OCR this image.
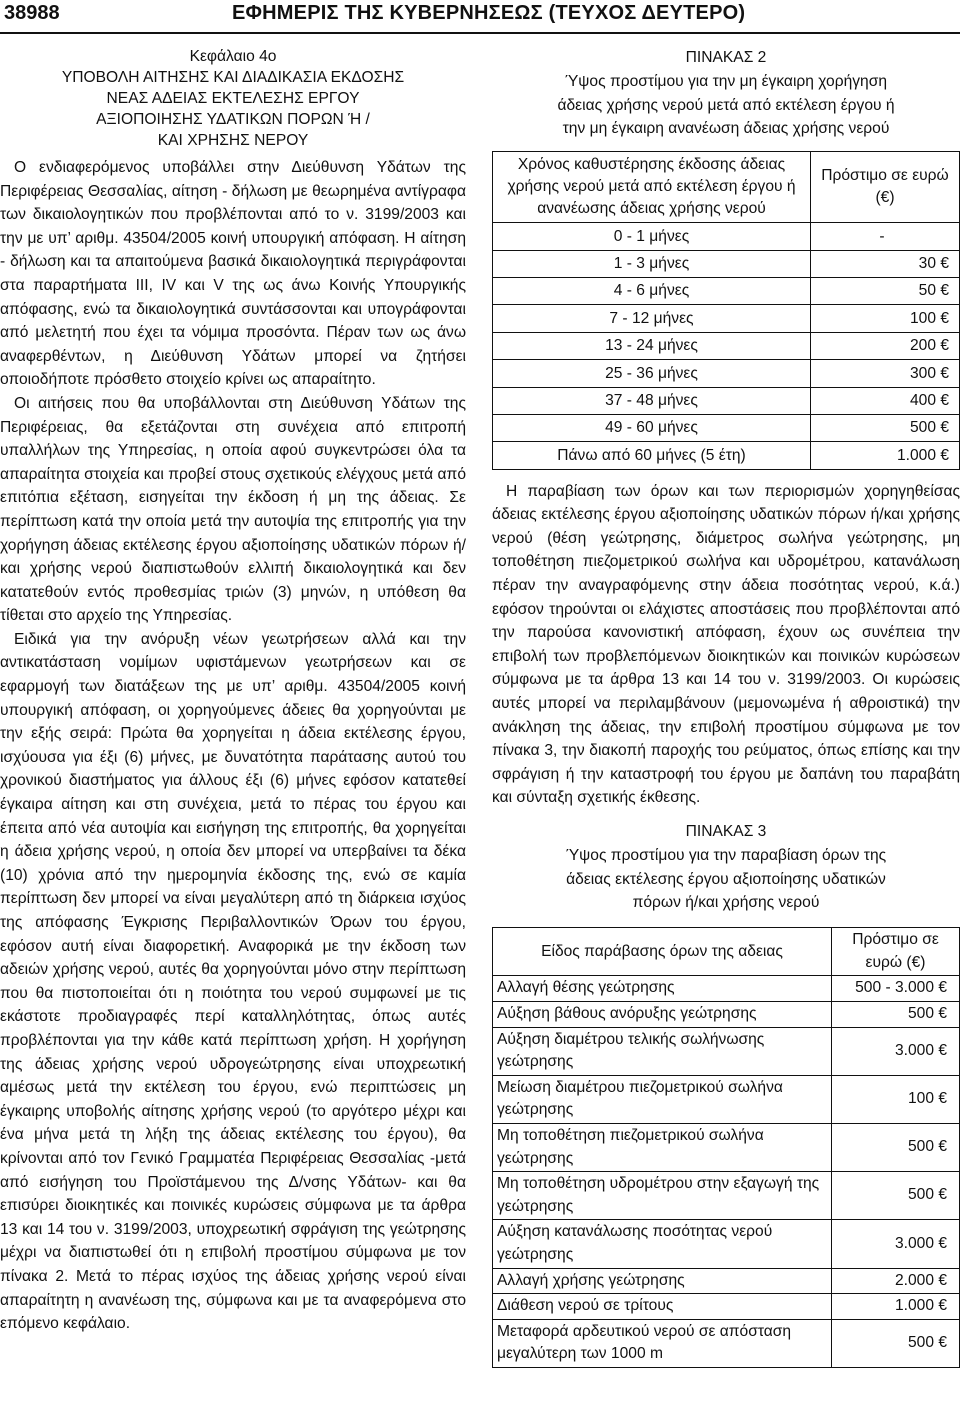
38988	ΕΦΗΜΕΡΙΣ ΤΗΣ ΚΥΒΕΡΝΗΣΕΩΣ (ΤΕΥΧΟΣ ΔΕΥΤΕΡΟ)
Κεφάλαιο 4ο
ΥΠΟΒΟΛΗ ΑΙΤΗΣΗΣ ΚΑΙ ΔΙΑΔΙΚΑΣΙΑ ΕΚΔΟΣΗΣ
ΝΕΑΣ ΑΔΕΙΑΣ ΕΚΤΕΛΕΣΗΣ ΕΡΓΟΥ
ΑΞΙΟΠΟΙΗΣΗΣ ΥΔΑΤΙΚΩΝ ΠΟΡΩΝ Ή /
ΚΑΙ ΧΡΗΣΗΣ ΝΕΡΟΥ

Ο ενδιαφερόμενος υποβάλλει στην Διεύθυνση Υδάτων της Περιφέρειας Θεσσαλίας, αίτηση - δήλωση με θεωρημένα αντίγραφα των δικαιολογητικών που προβλέπονται από το ν. 3199/2003 και την με υπ’ αριθμ. 43504/2005 κοινή υπουργική απόφαση. Η αίτηση - δήλωση και τα απαιτούμενα βασικά δικαιολογητικά περιγράφονται στα παραρτήματα III, IV και V της ως άνω Κοινής Υπουργικής απόφασης, ενώ τα δικαιολογητικά συντάσσονται και υπογράφονται από μελετητή που έχει τα νόμιμα προσόντα. Πέραν των ως άνω αναφερθέντων, η Διεύθυνση Υδάτων μπορεί να ζητήσει οποιοδήποτε πρόσθετο στοιχείο κρίνει ως απαραίτητο.

Οι αιτήσεις που θα υποβάλλονται στη Διεύθυνση Υδάτων της Περιφέρειας, θα εξετάζονται στη συνέχεια από επιτροπή υπαλλήλων της Υπηρεσίας, η οποία αφού συγκεντρώσει όλα τα απαραίτητα στοιχεία και προβεί στους σχετικούς ελέγχους μετά από επιτόπια εξέταση, εισηγείται την έκδοση ή μη της άδειας. Σε περίπτωση κατά την οποία μετά την αυτοψία της επιτροπής για την χορήγηση άδειας εκτέλεσης έργου αξιοποίησης υδατικών πόρων ή/και χρήσης νερού διαπιστωθούν ελλιπή δικαιολογητικά και δεν κατατεθούν εντός προθεσμίας τριών (3) μηνών, η υπόθεση θα τίθεται στο αρχείο της Υπηρεσίας.

Ειδικά για την ανόρυξη νέων γεωτρήσεων αλλά και την αντικατάσταση νομίμων υφιστάμενων γεωτρήσεων και σε εφαρμογή των διατάξεων της με υπ’ αριθμ. 43504/2005 κοινή υπουργική απόφαση, οι χορηγούμενες άδειες θα χορηγούνται με την εξής σειρά: Πρώτα θα χορηγείται η άδεια εκτέλεσης έργου, ισχύουσα για έξι (6) μήνες, με δυνατότητα παράτασης αυτού του χρονικού διαστήματος για άλλους έξι (6) μήνες εφόσον κατατεθεί έγκαιρα αίτηση και στη συνέχεια, μετά το πέρας του έργου και έπειτα από νέα αυτοψία και εισήγηση της επιτροπής, θα χορηγείται η άδεια χρήσης νερού, η οποία δεν μπορεί να υπερβαίνει τα δέκα (10) χρόνια από την ημερομηνία έκδοσης της, ενώ σε καμία περίπτωση δεν μπορεί να είναι μεγαλύτερη από τη διάρκεια ισχύος της απόφασης Έγκρισης Περιβαλλοντικών Όρων του έργου, εφόσον αυτή είναι διαφορετική. Αναφορικά με την έκδοση των αδειών χρήσης νερού, αυτές θα χορηγούνται μόνο στην περίπτωση που θα πιστοποιείται ότι η ποιότητα του νερού συμφωνεί με τις εκάστοτε προδιαγραφές περί καταλληλότητας, όπως αυτές προβλέπονται για την κάθε κατά περίπτωση χρήση. Η χορήγηση της άδειας χρήσης νερού υδρογεώτρησης είναι υποχρεωτική αμέσως μετά την εκτέλεση του έργου, ενώ περιπτώσεις μη έγκαιρης υποβολής αίτησης χρήσης νερού (το αργότερο μέχρι και ένα μήνα μετά τη λήξη της άδειας εκτέλεσης του έργου), θα κρίνονται από τον Γενικό Γραμματέα Περιφέρειας Θεσσαλίας -μετά από εισήγηση του Προϊστάμενου της Δ/νσης Υδάτων- και θα επισύρει διοικητικές και ποινικές κυρώσεις σύμφωνα με τα άρθρα 13 και 14 του ν. 3199/2003, υποχρεωτική σφράγιση της γεώτρησης μέχρι να διαπιστωθεί ότι η επιβολή προστίμου σύμφωνα με τον πίνακα 2. Μετά το πέρας ισχύος της άδειας χρήσης νερού είναι απαραίτητη η ανανέωση της, σύμφωνα και με τα αναφερόμενα στο επόμενο κεφάλαιο.

ΠΙΝΑΚΑΣ 2
Ύψος προστίμου για την μη έγκαιρη χορήγηση
άδειας χρήσης νερού μετά από εκτέλεση έργου ή
την μη έγκαιρη ανανέωση άδειας χρήσης νερού
Χρόνος καθυστέρησης έκδοσης άδειας χρήσης νερού μετά από εκτέλεση έργου ή ανανέωσης άδειας χρήσης νερού	Πρόστιμο σε ευρώ (€)
0 - 1 μήνες	-
1 - 3 μήνες	30 €
4 - 6 μήνες	50 €
7 - 12 μήνες	100 €
13 - 24 μήνες	200 €
25 - 36 μήνες	300 €
37 - 48 μήνες	400 €
49 - 60 μήνες	500 €
Πάνω από 60 μήνες (5 έτη)	1.000 €

Η παραβίαση των όρων και των περιορισμών χορηγηθείσας άδειας εκτέλεσης έργου αξιοποίησης υδατικών πόρων ή/και χρήσης νερού (θέση γεώτρησης, διάμετρος σωλήνα γεώτρησης, μη τοποθέτηση πιεζομετρικού σωλήνα και υδρομέτρου, κατανάλωση πέραν την αναγραφόμενης στην άδεια ποσότητας νερού, κ.ά.) εφόσον τηρούνται οι ελάχιστες αποστάσεις που προβλέπονται από την παρούσα κανονιστική απόφαση, έχουν ως συνέπεια την επιβολή των προβλεπόμενων διοικητικών και ποινικών κυρώσεων σύμφωνα με τα άρθρα 13 και 14 του ν. 3199/2003. Οι κυρώσεις αυτές μπορεί να περιλαμβάνουν (μεμονωμένα ή αθροιστικά) την ανάκληση της άδειας, την επιβολή προστίμου σύμφωνα με τον πίνακα 3, την διακοπή παροχής του ρεύματος, όπως επίσης και την σφράγιση ή την καταστροφή του έργου με δαπάνη του παραβάτη και σύνταξη σχετικής έκθεσης.

ΠΙΝΑΚΑΣ 3
Ύψος προστίμου για την παραβίαση όρων της
άδειας εκτέλεσης έργου αξιοποίησης υδατικών
πόρων ή/και χρήσης νερού
Είδος παράβασης όρων της αδειας	Πρόστιμο σε ευρώ (€)
Αλλαγή θέσης γεώτρησης	500 - 3.000 €
Αύξηση βάθους ανόρυξης γεώτρησης	500 €
Αύξηση διαμέτρου τελικής σωλήνωσης γεώτρησης	3.000 €
Μείωση διαμέτρου πιεζομετρικού σωλήνα γεώτρησης	100 €
Μη τοποθέτηση πιεζομετρικού σωλήνα γεώτρησης	500 €
Μη τοποθέτηση υδρομέτρου στην εξαγωγή της γεώτρησης	500 €
Αύξηση κατανάλωσης ποσότητας νερού γεώτρησης	3.000 €
Αλλαγή χρήσης γεώτρησης	2.000 €
Διάθεση νερού σε τρίτους	1.000 €
Μεταφορά αρδευτικού νερού σε απόσταση μεγαλύτερη των 1000 m	500 €
